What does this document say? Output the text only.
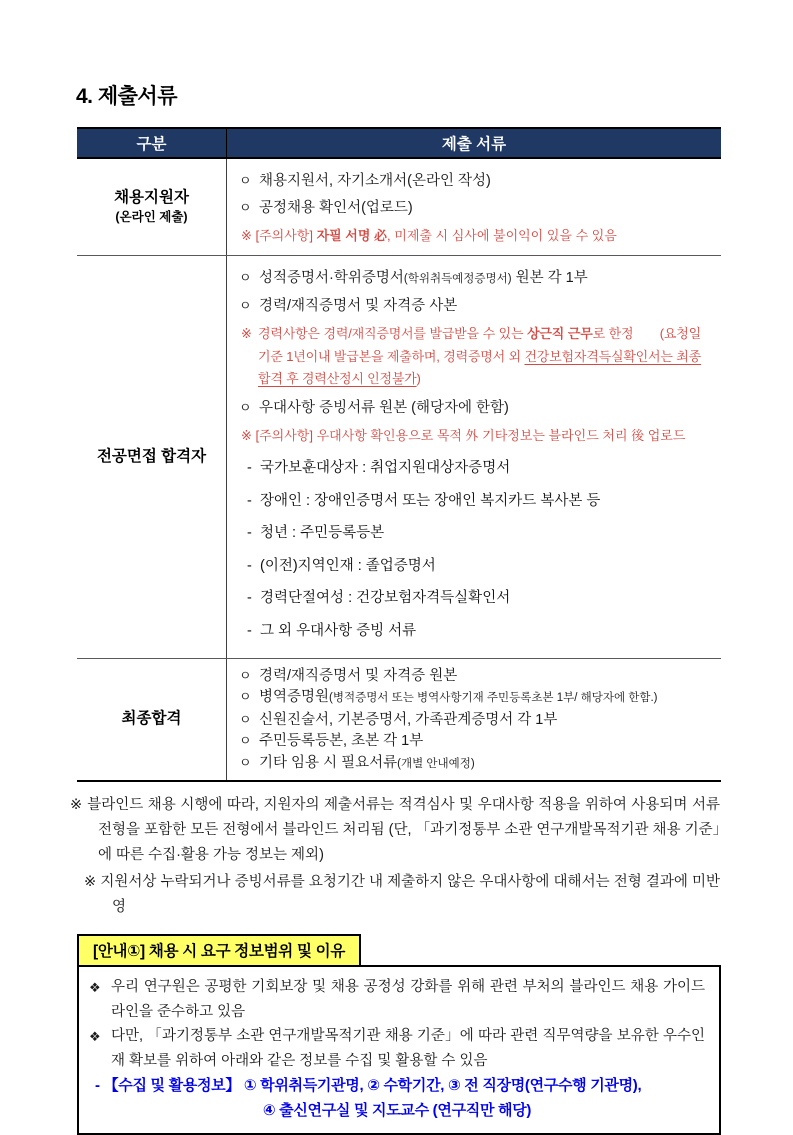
4. 제출서류
구분	제출 서류
채용지원자
(온라인 제출)
ㅇ 채용지원서, 자기소개서(온라인 작성)
ㅇ 공정채용 확인서(업로드)
※ [주의사항] 자필 서명 必, 미제출 시 심사에 불이익이 있을 수 있음
전공면접 합격자
ㅇ 성적증명서·학위증명서(학위취득예정증명서) 원본 각 1부
ㅇ 경력/재직증명서 및 자격증 사본
※ 경력사항은 경력/재직증명서를 발급받을 수 있는 상근직 근무로 한정　　(요청일 기준 1년이내 발급본을 제출하며, 경력증명서 외 건강보험자격득실확인서는 최종합격 후 경력산정시 인정불가)
ㅇ 우대사항 증빙서류 원본 (해당자에 한함)
※ [주의사항] 우대사항 확인용으로 목적 外 기타정보는 블라인드 처리 後 업로드
- 국가보훈대상자 : 취업지원대상자증명서
- 장애인 : 장애인증명서 또는 장애인 복지카드 복사본 등
- 청년 : 주민등록등본
- (이전)지역인재 : 졸업증명서
- 경력단절여성 : 건강보험자격득실확인서
- 그 외 우대사항 증빙 서류
최종합격
ㅇ 경력/재직증명서 및 자격증 원본
ㅇ 병역증명원(병적증명서 또는 병역사항기재 주민등록초본 1부/ 해당자에 한함.)
ㅇ 신원진술서, 기본증명서, 가족관계증명서 각 1부
ㅇ 주민등록등본, 초본 각 1부
ㅇ 기타 임용 시 필요서류(개별 안내예정)
※ 블라인드 채용 시행에 따라, 지원자의 제출서류는 적격심사 및 우대사항 적용을 위하여 사용되며 서류전형을 포함한 모든 전형에서 블라인드 처리됨 (단, 「과기정통부 소관 연구개발목적기관 채용 기준」에 따른 수집·활용 가능 정보는 제외)
※ 지원서상 누락되거나 증빙서류를 요청기간 내 제출하지 않은 우대사항에 대해서는 전형 결과에 미반영
[안내①] 채용 시 요구 정보범위 및 이유
❖ 우리 연구원은 공평한 기회보장 및 채용 공정성 강화를 위해 관련 부처의 블라인드 채용 가이드라인을 준수하고 있음
❖ 다만, 「과기정통부 소관 연구개발목적기관 채용 기준」에 따라 관련 직무역량을 보유한 우수인재 확보를 위하여 아래와 같은 정보를 수집 및 활용할 수 있음
- 【수집 및 활용정보】 ① 학위취득기관명, ② 수학기간, ③ 전 직장명(연구수행 기관명),
④ 출신연구실 및 지도교수 (연구직만 해당)
